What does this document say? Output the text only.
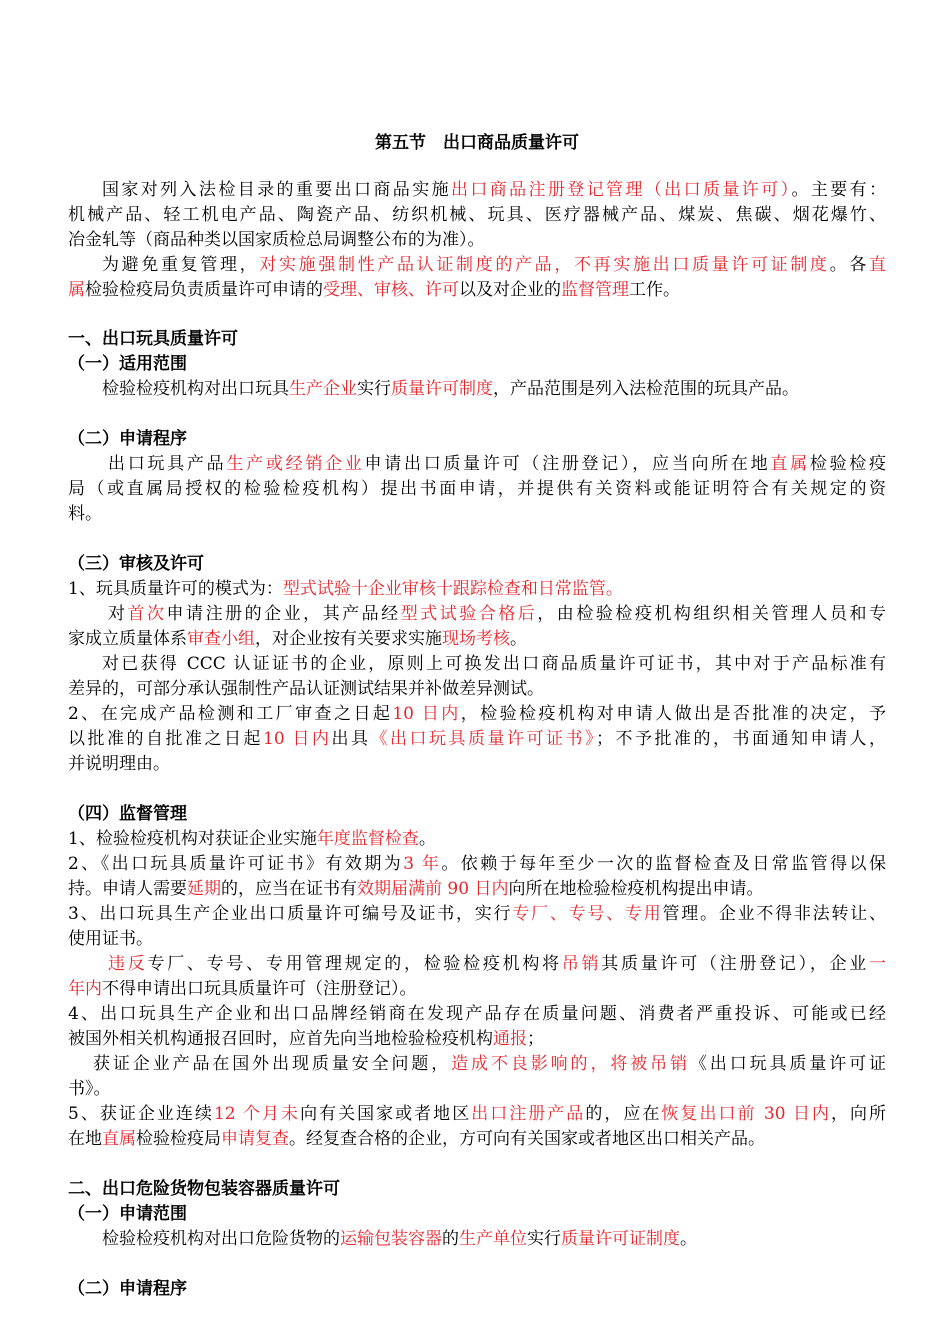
第五节　出口商品质量许可
国家对列入法检目录的重要出口商品实施出口商品注册登记管理（出口质量许可）。主要有：
机械产品、轻工机电产品、陶瓷产品、纺织机械、玩具、医疗器械产品、煤炭、焦碳、烟花爆竹、
冶金轧等（商品种类以国家质检总局调整公布的为准）。
为避免重复管理，对实施强制性产品认证制度的产品，不再实施出口质量许可证制度。各直
属检验检疫局负责质量许可申请的受理、审核、许可以及对企业的监督管理工作。
一、出口玩具质量许可
（一）适用范围
检验检疫机构对出口玩具生产企业实行质量许可制度，产品范围是列入法检范围的玩具产品。
（二）申请程序
出口玩具产品生产或经销企业申请出口质量许可（注册登记），应当向所在地直属检验检疫
局（或直属局授权的检验检疫机构）提出书面申请，并提供有关资料或能证明符合有关规定的资
料。
（三）审核及许可
1、玩具质量许可的模式为：型式试验十企业审核十跟踪检查和日常监管。
对首次申请注册的企业，其产品经型式试验合格后，由检验检疫机构组织相关管理人员和专
家成立质量体系审查小组，对企业按有关要求实施现场考核。
对已获得 CCC 认证证书的企业，原则上可换发出口商品质量许可证书，其中对于产品标准有
差异的，可部分承认强制性产品认证测试结果并补做差异测试。
2、在完成产品检测和工厂审查之日起10 日内，检验检疫机构对申请人做出是否批准的决定，予
以批准的自批准之日起10 日内出具《出口玩具质量许可证书》；不予批准的，书面通知申请人，
并说明理由。
（四）监督管理
1、检验检疫机构对获证企业实施年度监督检查。
2、《出口玩具质量许可证书》有效期为3 年。依赖于每年至少一次的监督检查及日常监管得以保
持。申请人需要延期的，应当在证书有效期届满前 90 日内向所在地检验检疫机构提出申请。
3、出口玩具生产企业出口质量许可编号及证书，实行专厂、专号、专用管理。企业不得非法转让、
使用证书。
违反专厂、专号、专用管理规定的，检验检疫机构将吊销其质量许可（注册登记），企业一
年内不得申请出口玩具质量许可（注册登记）。
4、出口玩具生产企业和出口品牌经销商在发现产品存在质量问题、消费者严重投诉、可能或已经
被国外相关机构通报召回时，应首先向当地检验检疫机构通报；
获证企业产品在国外出现质量安全问题，造成不良影响的，将被吊销《出口玩具质量许可证
书》。
5、获证企业连续12 个月未向有关国家或者地区出口注册产品的，应在恢复出口前 30 日内，向所
在地直属检验检疫局申请复查。经复查合格的企业，方可向有关国家或者地区出口相关产品。
二、出口危险货物包装容器质量许可
（一）申请范围
检验检疫机构对出口危险货物的运输包装容器的生产单位实行质量许可证制度。
（二）申请程序
